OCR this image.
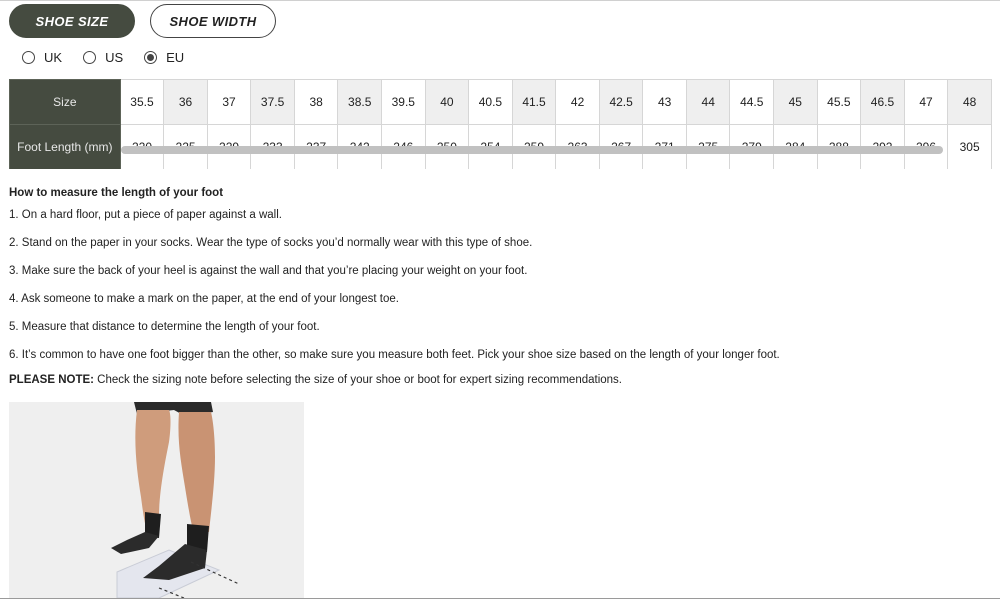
SHOE SIZE	SHOE WIDTH
UK	US	EU
Size	35.5	36	37	37.5	38	38.5	39.5	40	40.5	41.5	42	42.5	43	44	44.5	45	45.5	46.5	47	48
Foot Length (mm)																				305

How to measure the length of your foot

1. On a hard floor, put a piece of paper against a wall.

2. Stand on the paper in your socks. Wear the type of socks you’d normally wear with this type of shoe.

3. Make sure the back of your heel is against the wall and that you’re placing your weight on your foot.

4. Ask someone to make a mark on the paper, at the end of your longest toe.

5. Measure that distance to determine the length of your foot.

6. It’s common to have one foot bigger than the other, so make sure you measure both feet. Pick your shoe size based on the length of your longer foot.

PLEASE NOTE: Check the sizing note before selecting the size of your shoe or boot for expert sizing recommendations.
